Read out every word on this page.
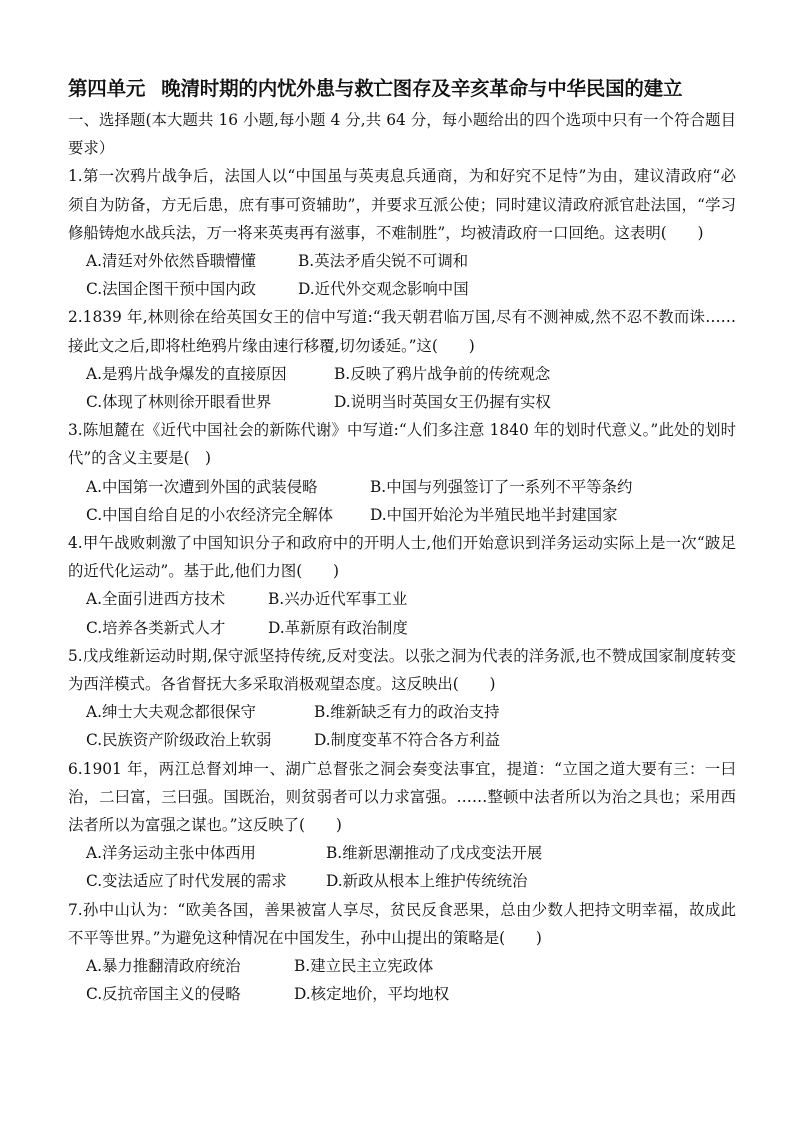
第四单元 晚清时期的内忧外患与救亡图存及辛亥革命与中华民国的建立
一、选择题(本大题共 16 小题,每小题 4 分,共 64 分，每小题给出的四个选项中只有一个符合题目要求）
1.第一次鸦片战争后，法国人以“中国虽与英夷息兵通商，为和好究不足恃”为由，建议清政府“必须自为防备，方无后患，庶有事可资辅助”，并要求互派公使；同时建议清政府派官赴法国，“学习修船铸炮水战兵法，万一将来英夷再有滋事，不难制胜”，均被清政府一口回绝。这表明(　　)
A.清廷对外依然昏聩懵懂	B.英法矛盾尖锐不可调和
C.法国企图干预中国内政	D.近代外交观念影响中国
2.1839 年,林则徐在给英国女王的信中写道:“我天朝君临万国,尽有不测神威,然不忍不教而诛……接此文之后,即将杜绝鸦片缘由速行移覆,切勿诿延。”这(　　)
A.是鸦片战争爆发的直接原因	B.反映了鸦片战争前的传统观念
C.体现了林则徐开眼看世界	D.说明当时英国女王仍握有实权
3.陈旭麓在《近代中国社会的新陈代谢》中写道:“人们多注意 1840 年的划时代意义。”此处的划时代”的含义主要是(　)
A.中国第一次遭到外国的武装侵略	B.中国与列强签订了一系列不平等条约
C.中国自给自足的小农经济完全解体	D.中国开始沦为半殖民地半封建国家
4.甲午战败刺激了中国知识分子和政府中的开明人士,他们开始意识到洋务运动实际上是一次“跛足的近代化运动”。基于此,他们力图(　　)
A.全面引进西方技术	B.兴办近代军事工业
C.培养各类新式人才	D.革新原有政治制度
5.戊戌维新运动时期,保守派坚持传统,反对变法。以张之洞为代表的洋务派,也不赞成国家制度转变为西洋模式。各省督抚大多采取消极观望态度。这反映出(　　)
A.绅士大夫观念都很保守	B.维新缺乏有力的政治支持
C.民族资产阶级政治上软弱	D.制度变革不符合各方利益
6.1901 年，两江总督刘坤一、湖广总督张之洞会奏变法事宜，提道：“立国之道大要有三：一曰治，二曰富，三曰强。国既治，则贫弱者可以力求富强。……整顿中法者所以为治之具也；采用西法者所以为富强之谋也。”这反映了(　　)
A.洋务运动主张中体西用	B.维新思潮推动了戊戌变法开展
C.变法适应了时代发展的需求	D.新政从根本上维护传统统治
7.孙中山认为：“欧美各国，善果被富人享尽，贫民反食恶果，总由少数人把持文明幸福，故成此不平等世界。”为避免这种情况在中国发生，孙中山提出的策略是(　　)
A.暴力推翻清政府统治	B.建立民主立宪政体
C.反抗帝国主义的侵略	D.核定地价，平均地权
